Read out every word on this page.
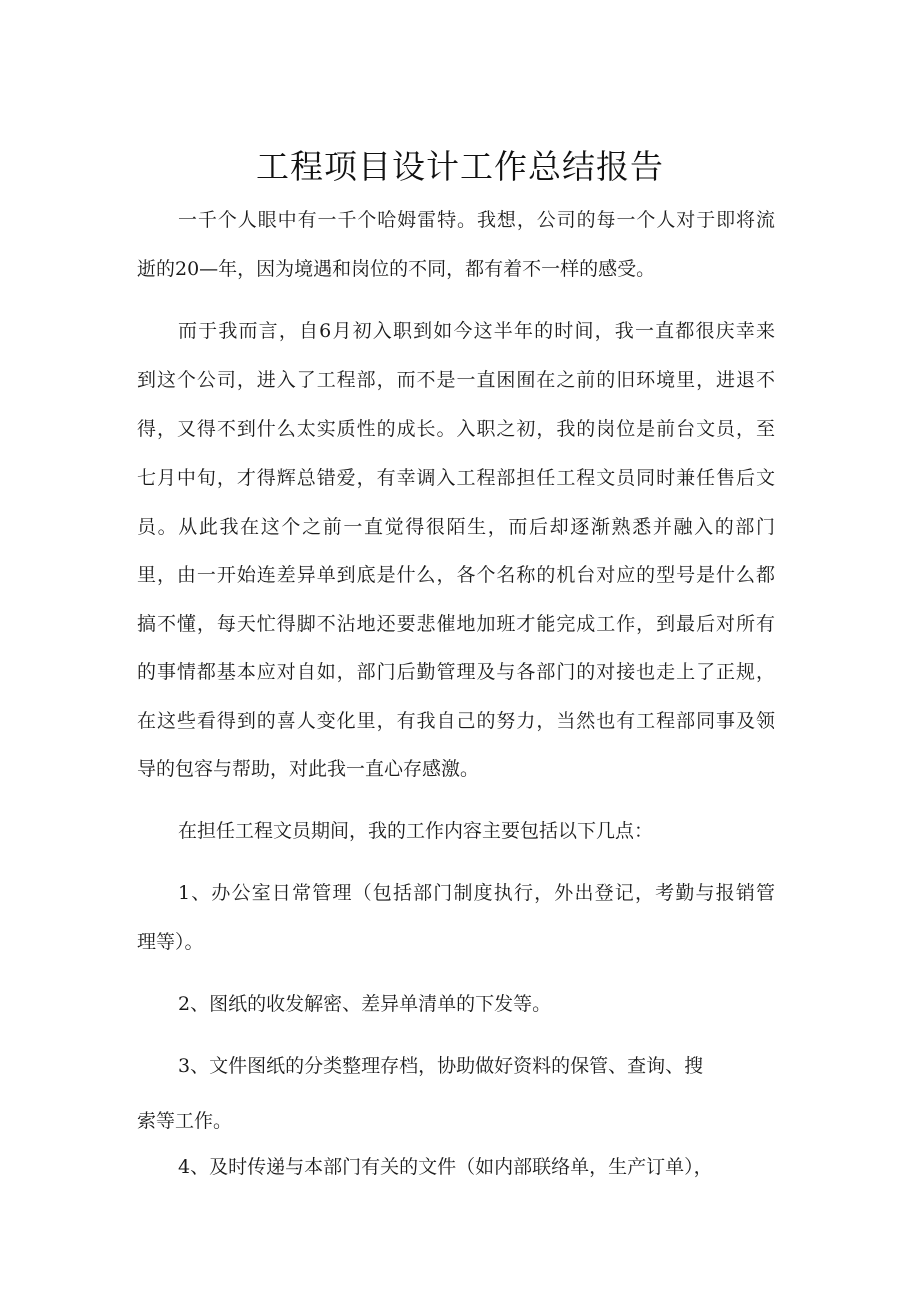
工程项目设计工作总结报告

一千个人眼中有一千个哈姆雷特。我想，公司的每一个人对于即将流

逝的20—年，因为境遇和岗位的不同，都有着不一样的感受。

而于我而言，自6月初入职到如今这半年的时间，我一直都很庆幸来

到这个公司，进入了工程部，而不是一直困囿在之前的旧环境里，进退不

得，又得不到什么太实质性的成长。入职之初，我的岗位是前台文员，至

七月中旬，才得辉总错爱，有幸调入工程部担任工程文员同时兼任售后文

员。从此我在这个之前一直觉得很陌生，而后却逐渐熟悉并融入的部门

里，由一开始连差异单到底是什么，各个名称的机台对应的型号是什么都

搞不懂，每天忙得脚不沾地还要悲催地加班才能完成工作，到最后对所有

的事情都基本应对自如，部门后勤管理及与各部门的对接也走上了正规，

在这些看得到的喜人变化里，有我自己的努力，当然也有工程部同事及领

导的包容与帮助，对此我一直心存感激。

在担任工程文员期间，我的工作内容主要包括以下几点：

1、办公室日常管理（包括部门制度执行，外出登记，考勤与报销管

理等）。

2、图纸的收发解密、差异单清单的下发等。

3、文件图纸的分类整理存档，协助做好资料的保管、查询、搜

索等工作。

4、及时传递与本部门有关的文件（如内部联络单，生产订单），
